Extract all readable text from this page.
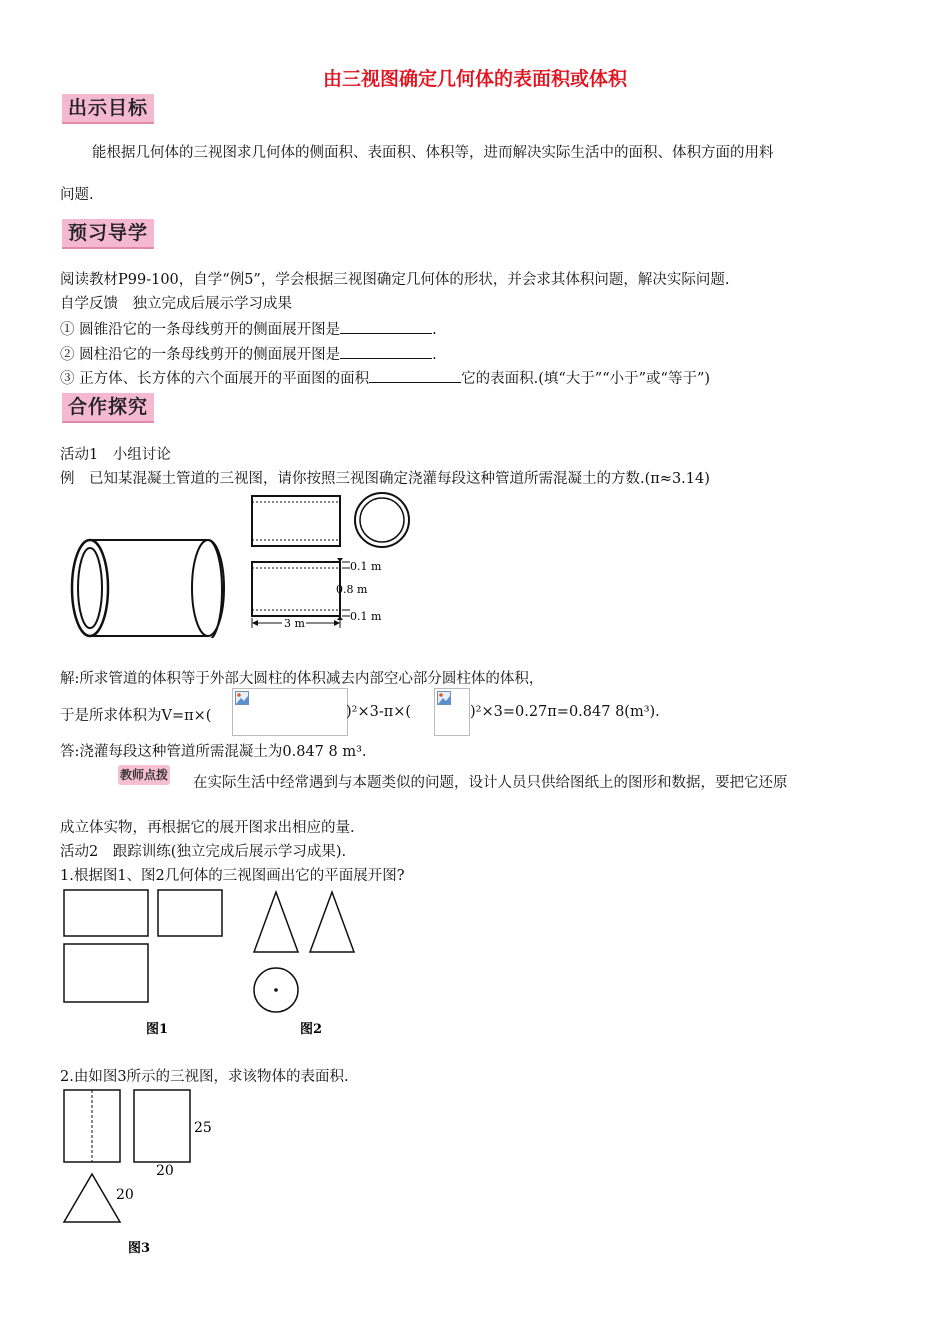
由三视图确定几何体的表面积或体积
出示目标
能根据几何体的三视图求几何体的侧面积、表面积、体积等，进而解决实际生活中的面积、体积方面的用料
问题.
预习导学
阅读教材P99-100，自学“例5”，学会根据三视图确定几何体的形状，并会求其体积问题，解决实际问题.
自学反馈　独立完成后展示学习成果
① 圆锥沿它的一条母线剪开的侧面展开图是	.
② 圆柱沿它的一条母线剪开的侧面展开图是	.
③ 正方体、长方体的六个面展开的平面图的面积	它的表面积.(填“大于”“小于”或“等于”)
合作探究
活动1　小组讨论
例　已知某混凝土管道的三视图，请你按照三视图确定浇灌每段这种管道所需混凝土的方数.(π≈3.14)
0.1 m
0.8 m
0.1 m
3 m
解:所求管道的体积等于外部大圆柱的体积减去内部空心部分圆柱体的体积，
于是所求体积为V=π×(	)²×3-π×(	)²×3=0.27π=0.847 8(m³).
答:浇灌每段这种管道所需混凝土为0.847 8 m³.
教师点拨 在实际生活中经常遇到与本题类似的问题，设计人员只供给图纸上的图形和数据，要把它还原
成立体实物，再根据它的展开图求出相应的量.
活动2　跟踪训练(独立完成后展示学习成果).
1.根据图1、图2几何体的三视图画出它的平面展开图?
图1	图2
2.由如图3所示的三视图，求该物体的表面积.
25
20
20
图3
